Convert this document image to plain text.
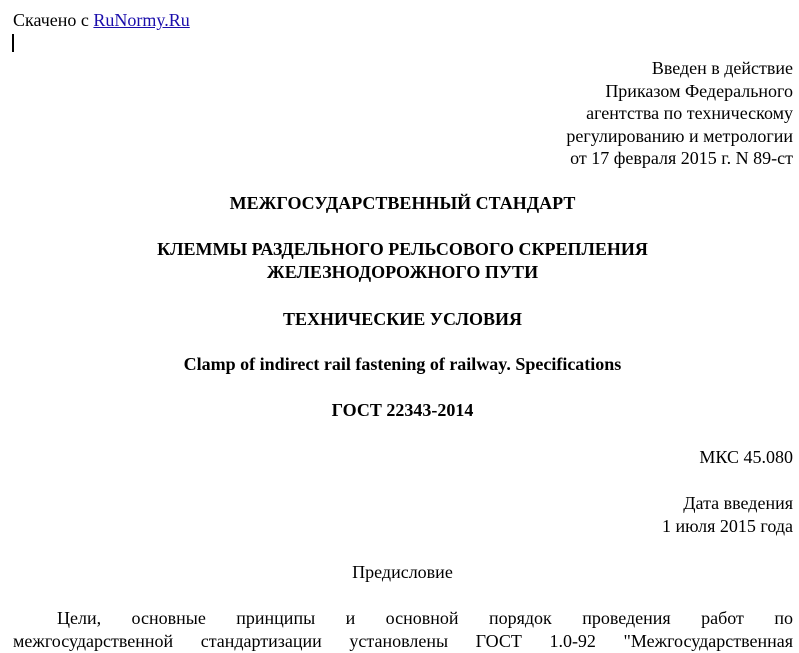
Скачено с RuNormy.Ru
Введен в действие
Приказом Федерального
агентства по техническому
регулированию и метрологии
от 17 февраля 2015 г. N 89-ст
МЕЖГОСУДАРСТВЕННЫЙ СТАНДАРТ
КЛЕММЫ РАЗДЕЛЬНОГО РЕЛЬСОВОГО СКРЕПЛЕНИЯ
ЖЕЛЕЗНОДОРОЖНОГО ПУТИ
ТЕХНИЧЕСКИЕ УСЛОВИЯ
Clamp of indirect rail fastening of railway. Specifications
ГОСТ 22343-2014
МКС 45.080
Дата введения
1 июля 2015 года
Предисловие
Цели, основные принципы и основной порядок проведения работ по
межгосударственной стандартизации установлены ГОСТ 1.0-92 "Межгосударственная
